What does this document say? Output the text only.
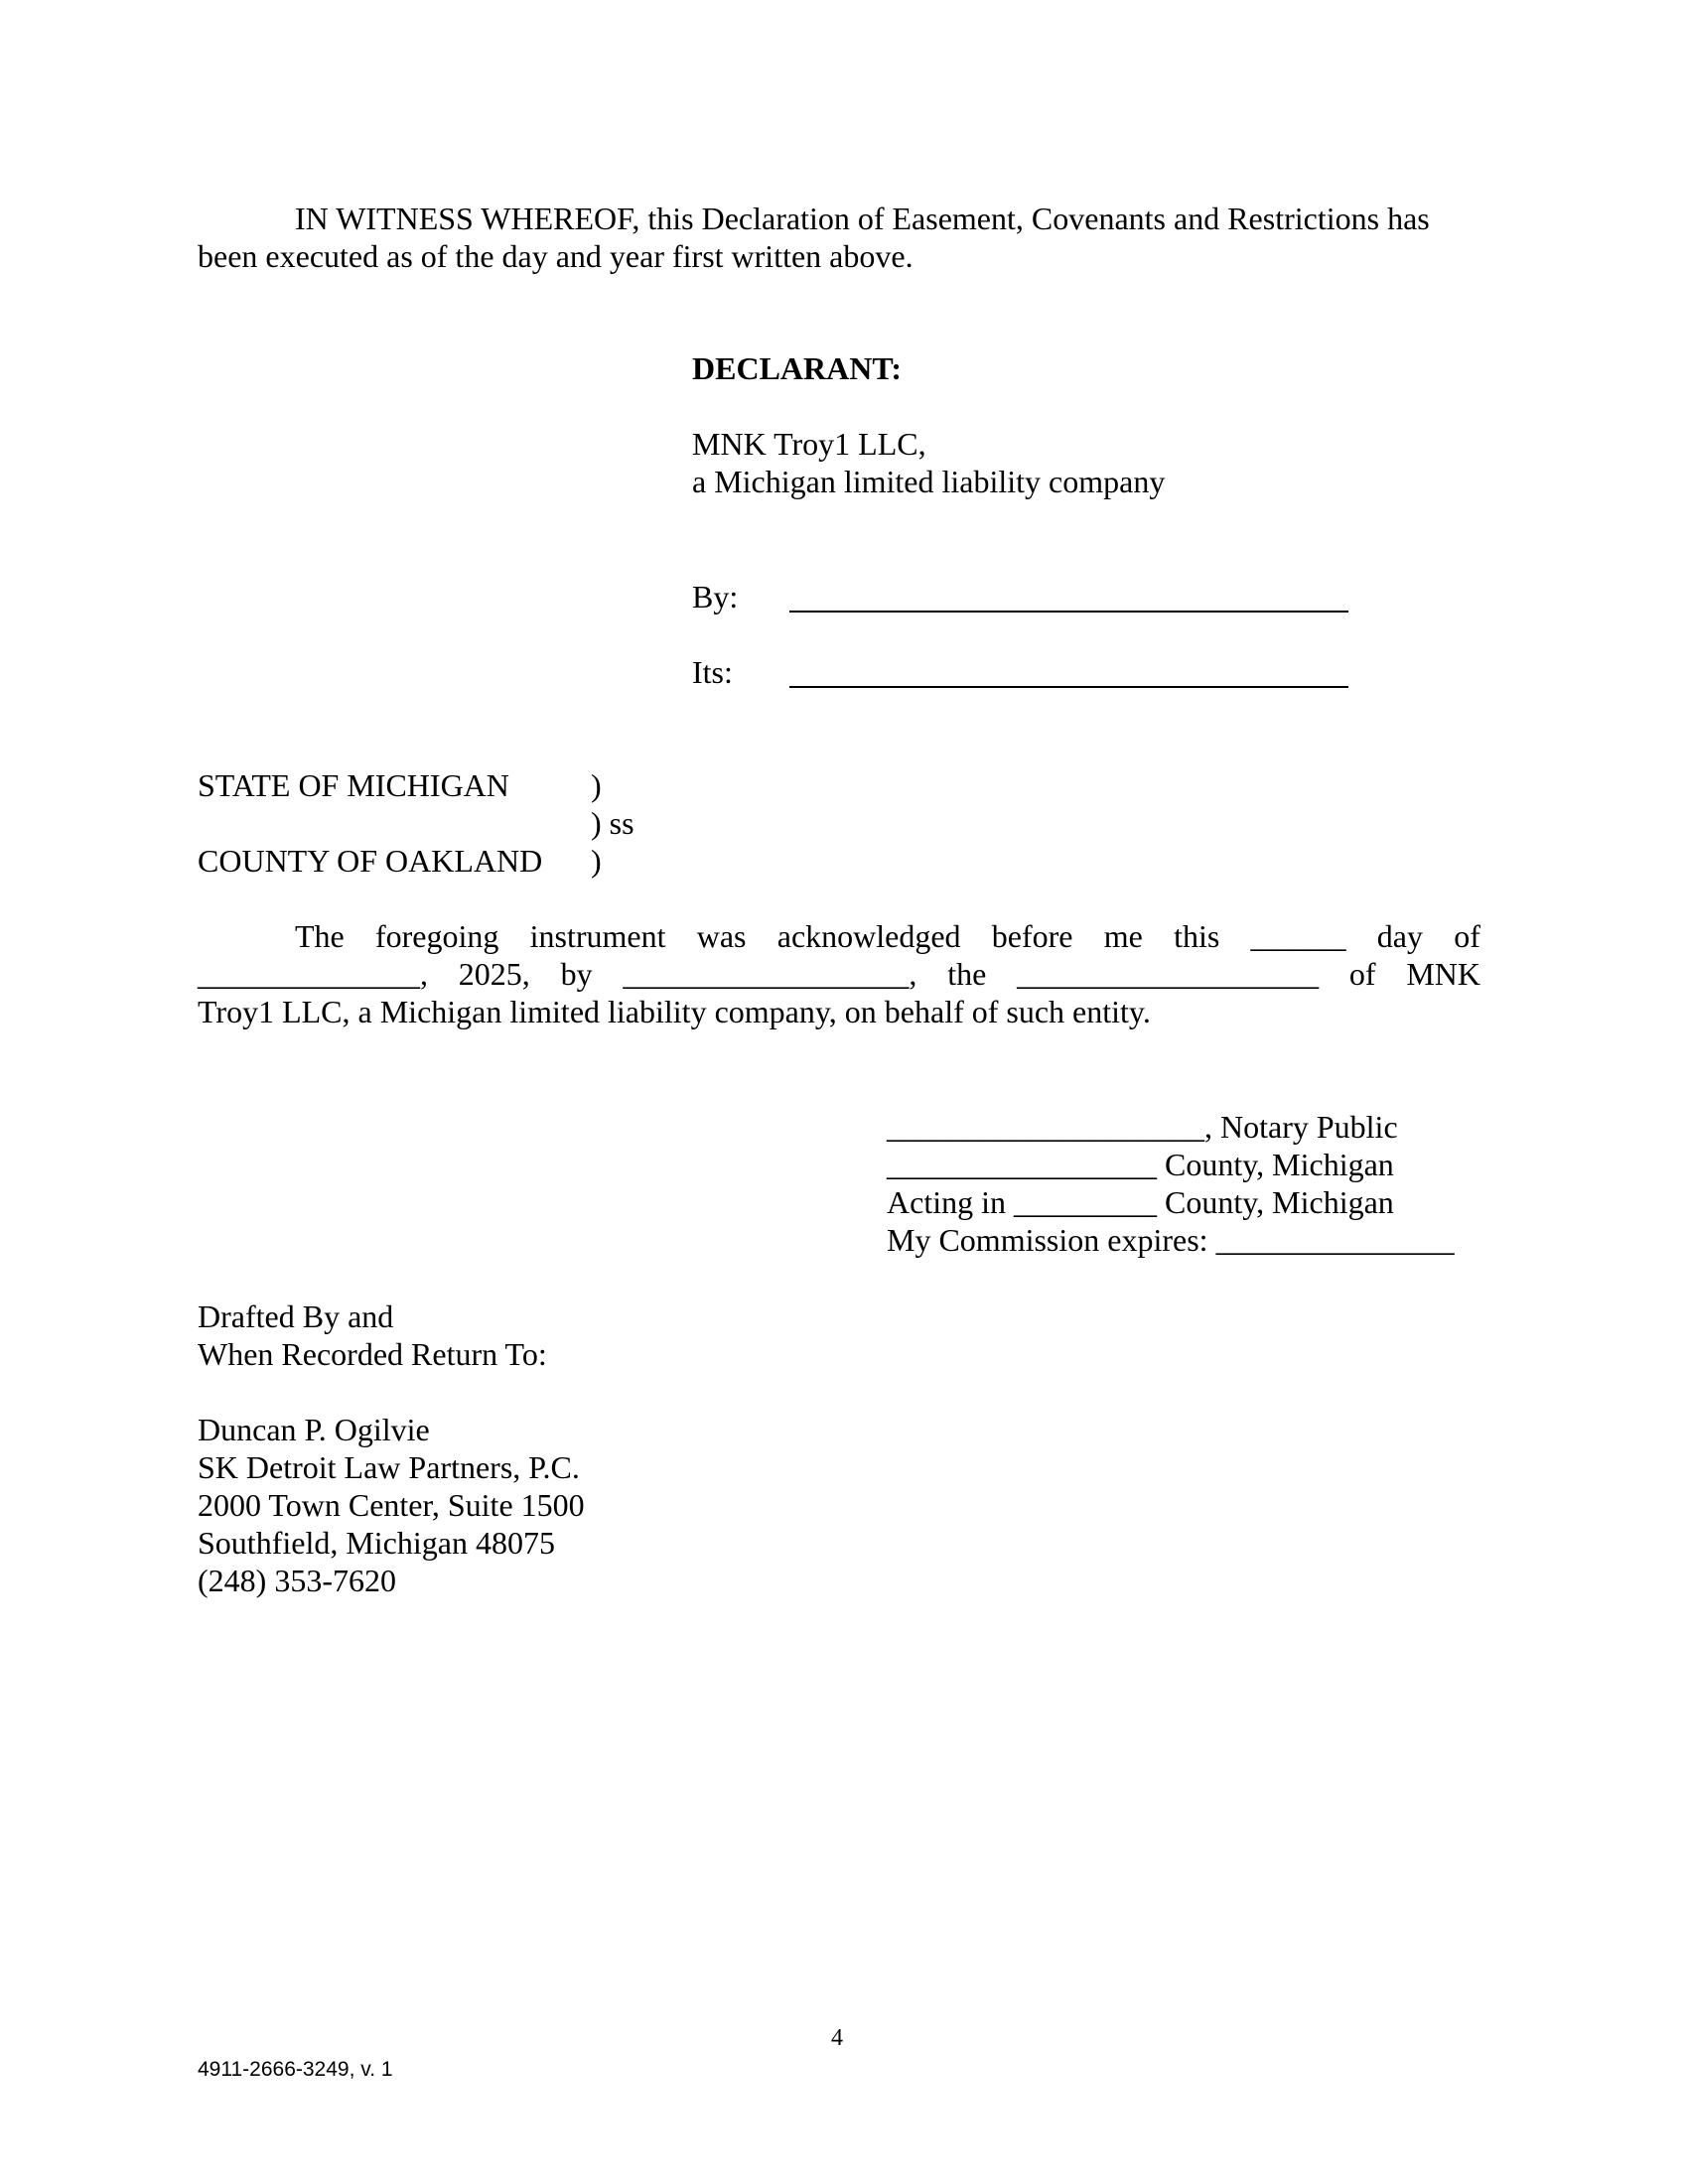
IN WITNESS WHEREOF, this Declaration of Easement, Covenants and Restrictions has
been executed as of the day and year first written above.
DECLARANT:
MNK Troy1 LLC,
a Michigan limited liability company
By:
Its:
STATE OF MICHIGAN	)
) ss
COUNTY OF OAKLAND )
The foregoing instrument was acknowledged before me this ______ day of
______________, 2025, by __________________, the ___________________ of MNK
Troy1 LLC, a Michigan limited liability company, on behalf of such entity.
____________________, Notary Public
_________________ County, Michigan
Acting in _________ County, Michigan
My Commission expires: _______________
Drafted By and
When Recorded Return To:
Duncan P. Ogilvie
SK Detroit Law Partners, P.C.
2000 Town Center, Suite 1500
Southfield, Michigan 48075
(248) 353-7620
4
4911-2666-3249, v. 1
